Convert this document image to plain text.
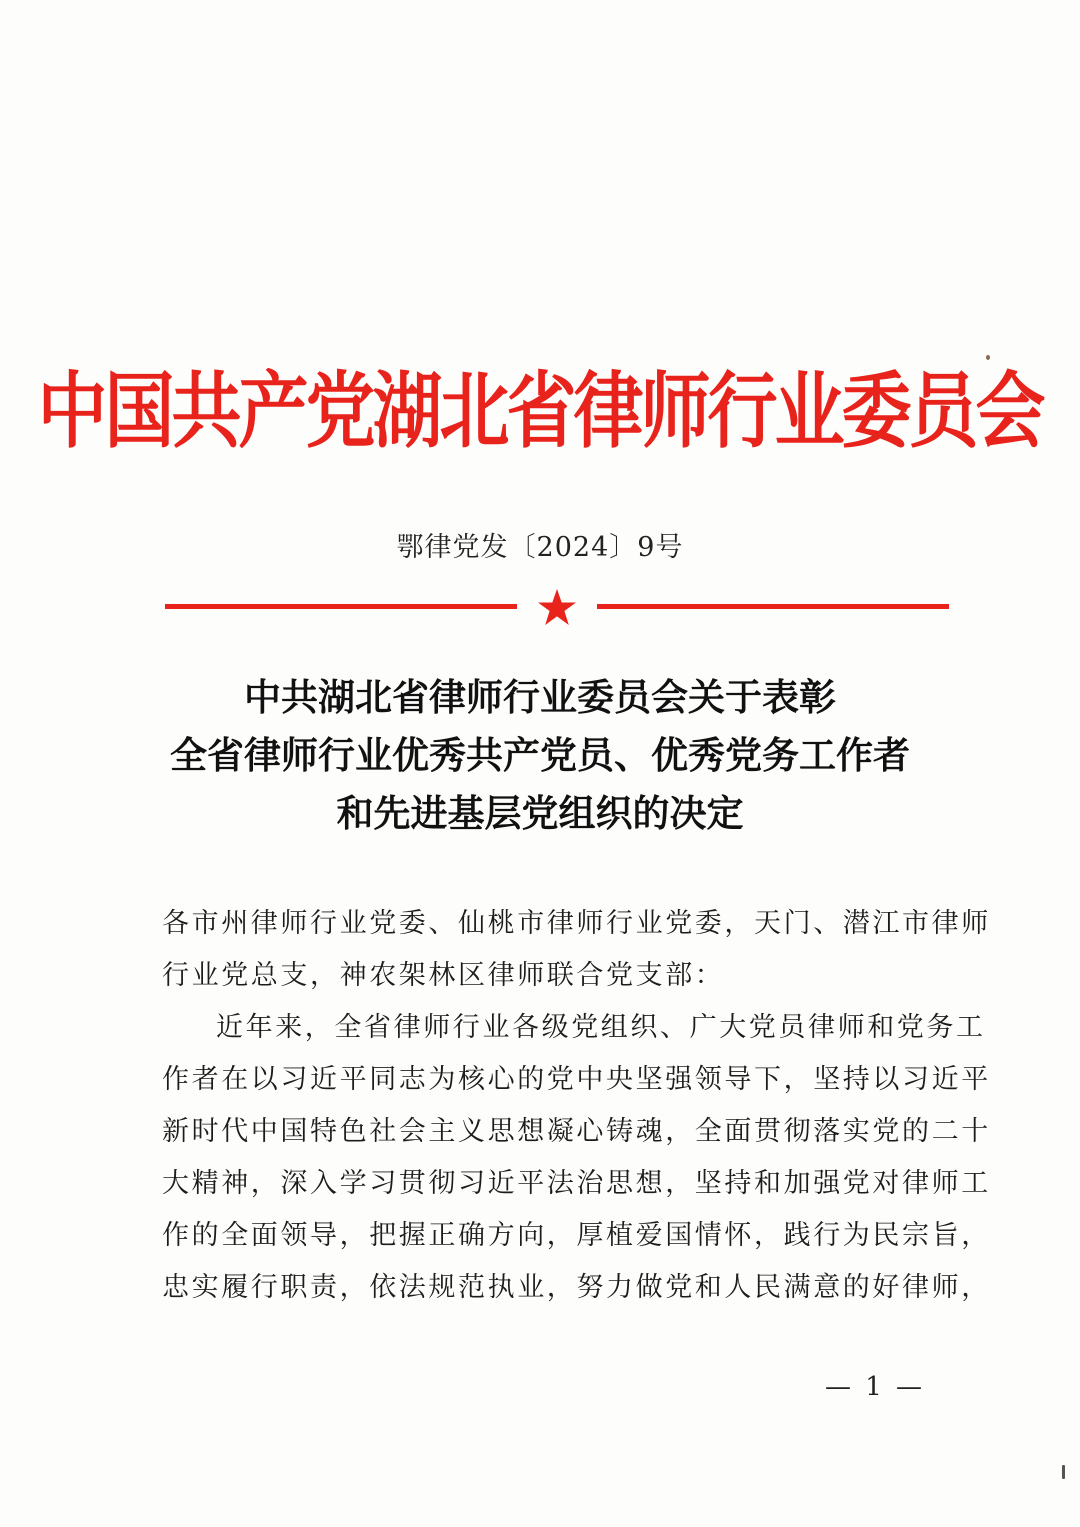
中国共产党湖北省律师行业委员会
鄂律党发〔2024〕9号
中共湖北省律师行业委员会关于表彰
全省律师行业优秀共产党员、优秀党务工作者
和先进基层党组织的决定

各市州律师行业党委、仙桃市律师行业党委，天门、潜江市律师

行业党总支，神农架林区律师联合党支部：

近年来，全省律师行业各级党组织、广大党员律师和党务工

作者在以习近平同志为核心的党中央坚强领导下，坚持以习近平

新时代中国特色社会主义思想凝心铸魂，全面贯彻落实党的二十

大精神，深入学习贯彻习近平法治思想，坚持和加强党对律师工

作的全面领导，把握正确方向，厚植爱国情怀，践行为民宗旨，

忠实履行职责，依法规范执业，努力做党和人民满意的好律师，

— 1 —
